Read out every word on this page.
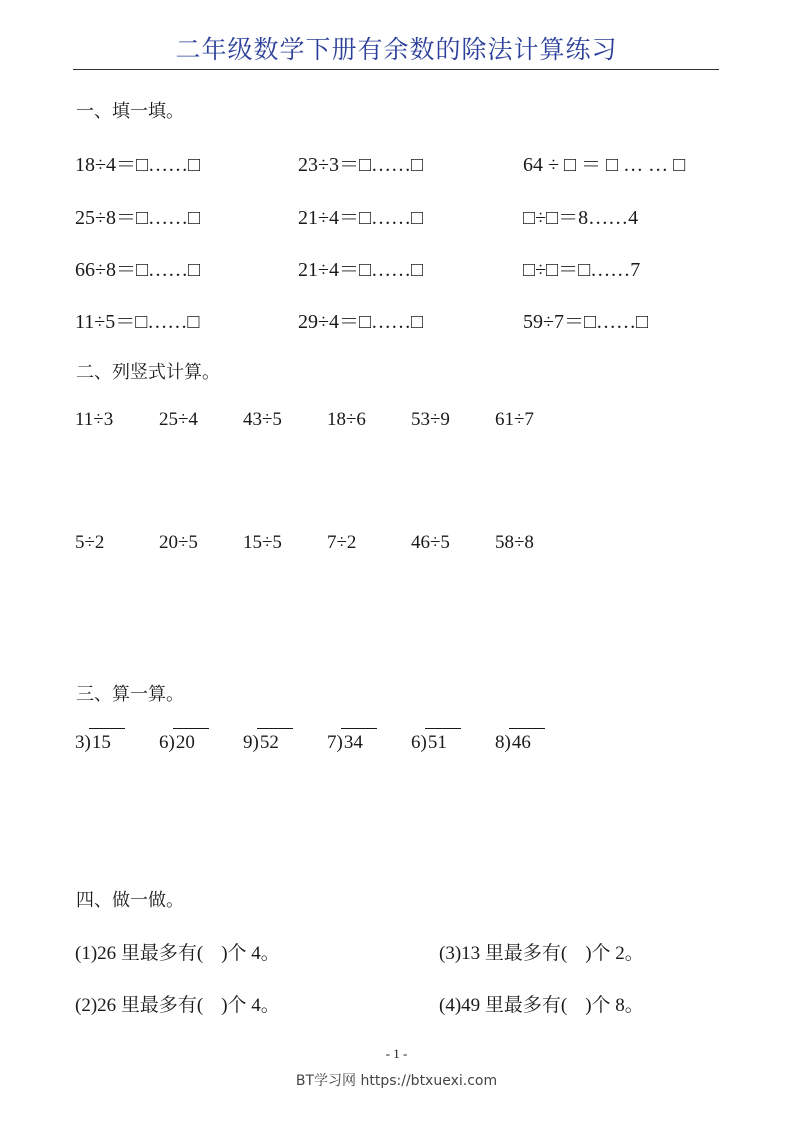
二年级数学下册有余数的除法计算练习
一、填一填。
18÷4＝□……□	23÷3＝□……□	64 ÷ □ ＝ □ … … □
25÷8＝□……□	21÷4＝□……□	□÷□＝8……4
66÷8＝□……□	21÷4＝□……□	□÷□＝□……7
11÷5＝□……□	29÷4＝□……□	59÷7＝□……□
二、列竖式计算。
11÷3 25÷4 43÷5 18÷6 53÷9 61÷7
5÷2	20÷5 15÷5 7÷2	46÷5 58÷8
三、算一算。
3)15	6)20	9)52	7)34	6)51	8)46
四、做一做。
(1)26 里最多有( )个 4。	(3)13 里最多有( )个 2。
(2)26 里最多有( )个 4。	(4)49 里最多有( )个 8。
- 1 -
BT学习网 https://btxuexi.com
